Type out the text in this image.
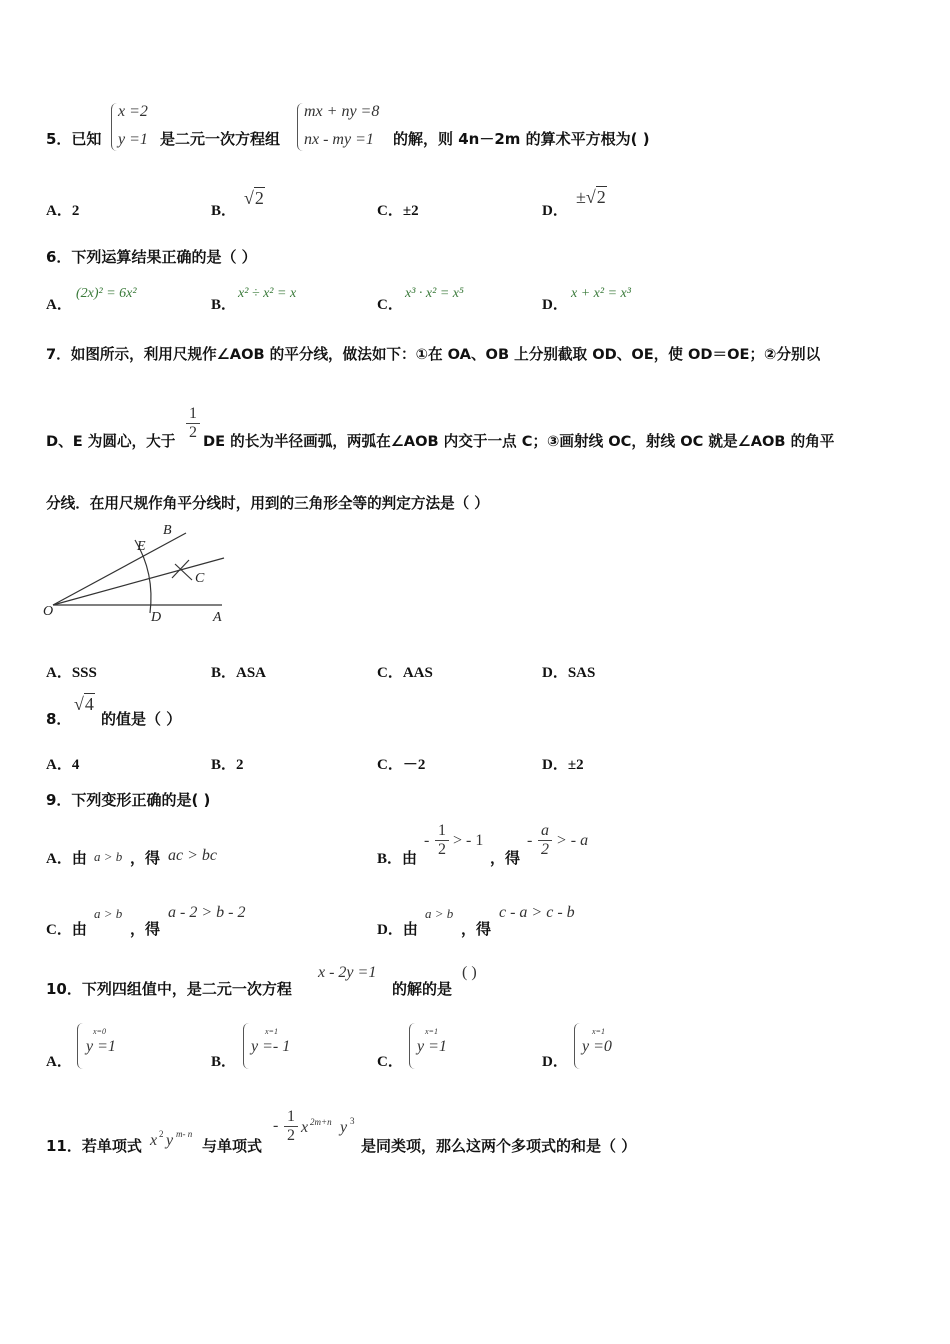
5．已知
x =2
y =1 是二元一次方程组
mx + ny =8
nx - my =1 的解，则 4n－2m 的算术平方根为( )
A．2	B．
√2
C．±2	D．
±√2
6．下列运算结果正确的是（ ）
A．
(2x)² = 6x²
B．
x² ÷ x² = x
C．
x³ · x² = x⁵
D．
x + x² = x³
7．如图所示，利用尺规作∠AOB 的平分线，做法如下：①在 OA、OB 上分别截取 OD、OE，使 OD＝OE；②分别以
D、E 为圆心，大于
1
2
DE 的长为半径画弧，两弧在∠AOB 内交于一点 C；③画射线 OC，射线 OC 就是∠AOB 的角平
分线．在用尺规作角平分线时，用到的三角形全等的判定方法是（ ）
B
E
C
O	D	A
A．SSS	B．ASA	C．AAS	D．SAS
8．
√4
的值是（ ）
A．4	B．2	C．－2	D．±2
9．下列变形正确的是( )
A．由 a > b ，得 ac > bc	B．由
-
1
2
> - 1
，得
-
a
2
> - a
C．由
a > b
，得
a - 2 > b - 2
D．由
a > b
，得
c - a > c - b
10．下列四组值中，是二元一次方程
x - 2y =1
的解的是
( )
A．
x=0
y =1
B．
x=1
y =- 1
C．
x=1
y =1
D．
x=1
y =0
11．若单项式 x 2 y m- n
与单项式
-
1
2 x 2m+n y 3
是同类项，那么这两个多项式的和是（ ）
